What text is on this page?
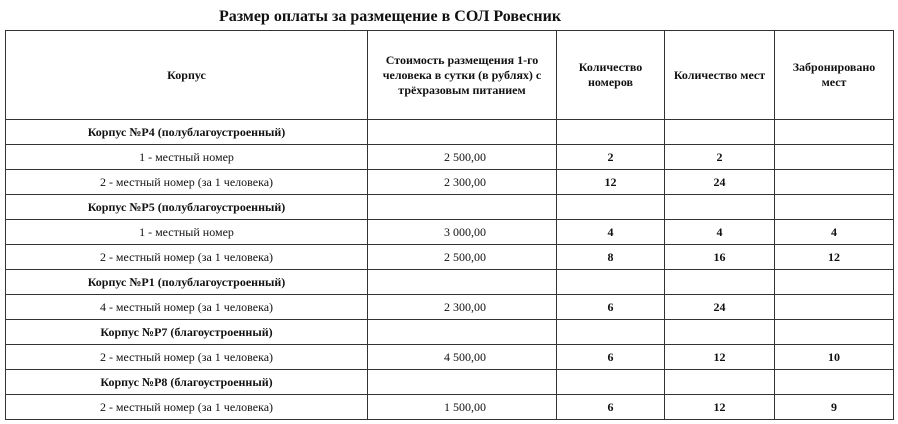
Размер оплаты за размещение в СОЛ Ровесник
Корпус	Стоимость размещения 1-го человека в сутки (в рублях) с трёхразовым питанием	Количество номеров	Количество мест	Забронировано мест
Корпус №Р4 (полублагоустроенный)				
1 - местный номер	2 500,00	2	2	
2 - местный номер (за 1 человека)	2 300,00	12	24	
Корпус №Р5 (полублагоустроенный)				
1 - местный номер	3 000,00	4	4	4
2 - местный номер (за 1 человека)	2 500,00	8	16	12
Корпус №Р1 (полублагоустроенный)				
4 - местный номер (за 1 человека)	2 300,00	6	24	
Корпус №Р7 (благоустроенный)				
2 - местный номер (за 1 человека)	4 500,00	6	12	10
Корпус №Р8 (благоустроенный)				
2 - местный номер (за 1 человека)	1 500,00	6	12	9
